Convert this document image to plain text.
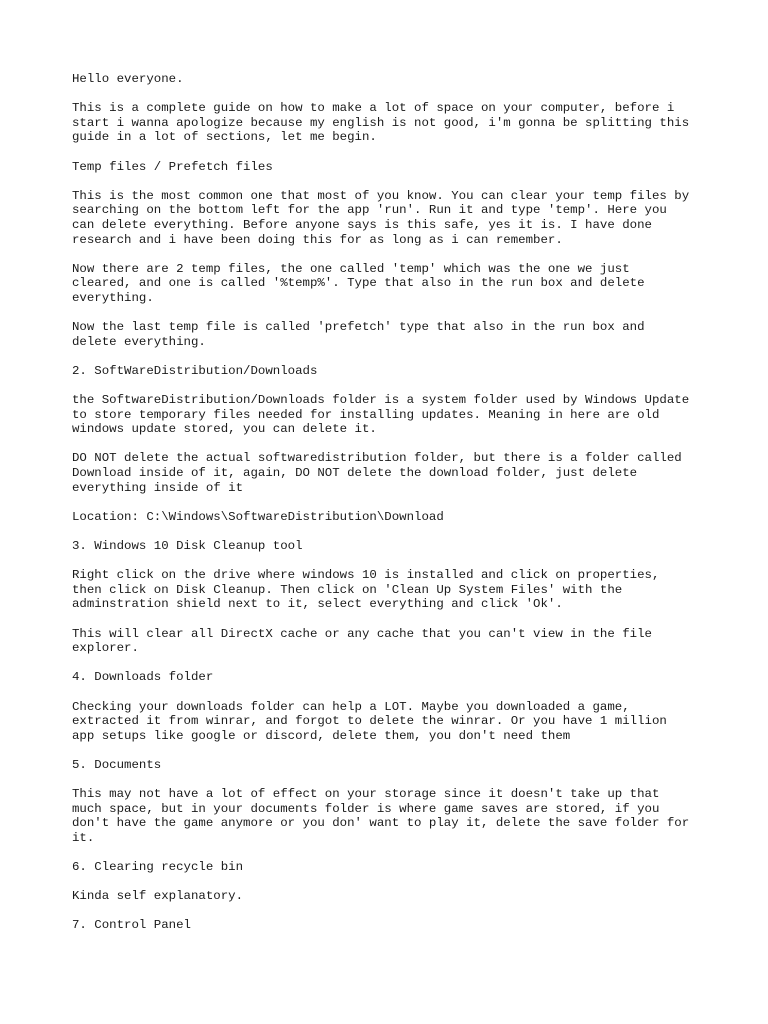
Hello everyone.

This is a complete guide on how to make a lot of space on your computer, before i
start i wanna apologize because my english is not good, i'm gonna be splitting this
guide in a lot of sections, let me begin.

Temp files / Prefetch files

This is the most common one that most of you know. You can clear your temp files by
searching on the bottom left for the app 'run'. Run it and type 'temp'. Here you
can delete everything. Before anyone says is this safe, yes it is. I have done
research and i have been doing this for as long as i can remember.

Now there are 2 temp files, the one called 'temp' which was the one we just
cleared, and one is called '%temp%'. Type that also in the run box and delete
everything.

Now the last temp file is called 'prefetch' type that also in the run box and
delete everything.

2. SoftWareDistribution/Downloads

the SoftwareDistribution/Downloads folder is a system folder used by Windows Update
to store temporary files needed for installing updates. Meaning in here are old
windows update stored, you can delete it.

DO NOT delete the actual softwaredistribution folder, but there is a folder called
Download inside of it, again, DO NOT delete the download folder, just delete
everything inside of it

Location: C:\Windows\SoftwareDistribution\Download

3. Windows 10 Disk Cleanup tool

Right click on the drive where windows 10 is installed and click on properties,
then click on Disk Cleanup. Then click on 'Clean Up System Files' with the
adminstration shield next to it, select everything and click 'Ok'.

This will clear all DirectX cache or any cache that you can't view in the file
explorer.

4. Downloads folder

Checking your downloads folder can help a LOT. Maybe you downloaded a game,
extracted it from winrar, and forgot to delete the winrar. Or you have 1 million
app setups like google or discord, delete them, you don't need them

5. Documents

This may not have a lot of effect on your storage since it doesn't take up that
much space, but in your documents folder is where game saves are stored, if you
don't have the game anymore or you don' want to play it, delete the save folder for
it.

6. Clearing recycle bin

Kinda self explanatory.

7. Control Panel
